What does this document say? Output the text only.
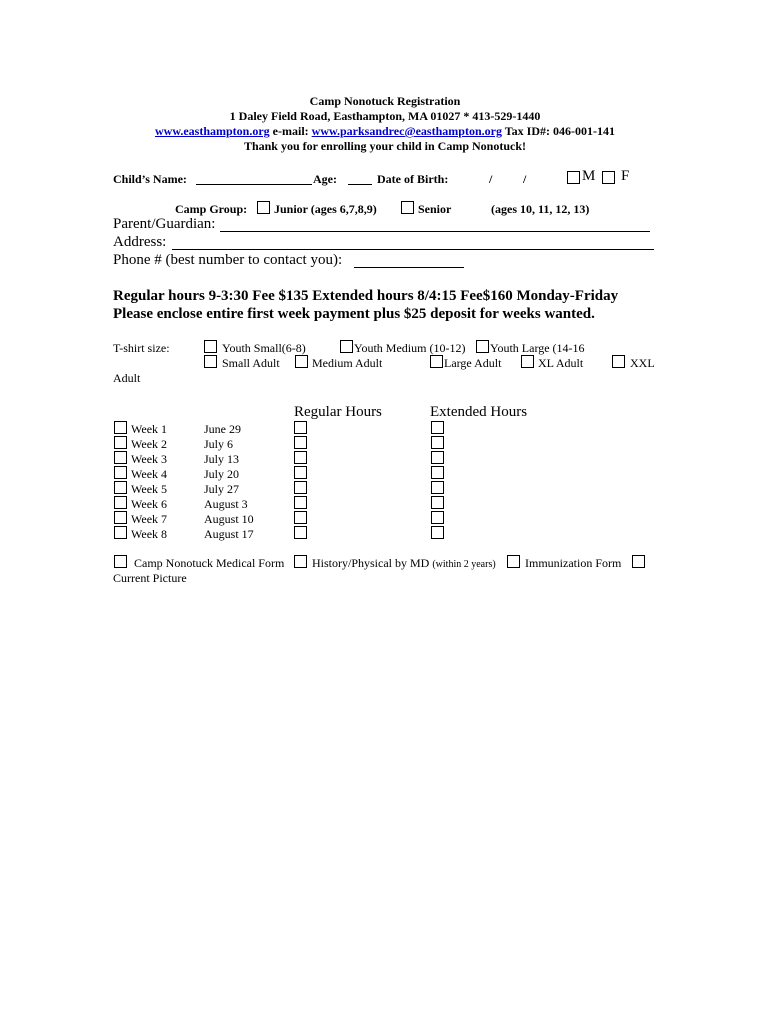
Camp Nonotuck Registration
1 Daley Field Road, Easthampton, MA 01027 * 413-529-1440
www.easthampton.org e-mail: www.parksandrec@easthampton.org Tax ID#: 046-001-141
Thank you for enrolling your child in Camp Nonotuck!
Child’s Name:	Age:	Date of Birth:	/	/	M F
Camp Group: Junior (ages 6,7,8,9)	Senior	(ages 10, 11, 12, 13)
Parent/Guardian:
Address:
Phone # (best number to contact you):
Regular hours 9-3:30 Fee $135 Extended hours 8/4:15 Fee$160 Monday-Friday
Please enclose entire first week payment plus $25 deposit for weeks wanted.
T-shirt size:	Youth Small(6-8)	Youth Medium (10-12) Youth Large (14-16
Small Adult	Medium Adult	Large Adult	XL Adult	XXL
Adult
Regular Hours	Extended Hours
Week 1	June 29
Week 2	July 6
Week 3	July 13
Week 4	July 20
Week 5	July 27
Week 6	August 3
Week 7	August 10
Week 8	August 17
Camp Nonotuck Medical Form History/Physical by MD (within 2 years) Immunization Form
Current Picture
